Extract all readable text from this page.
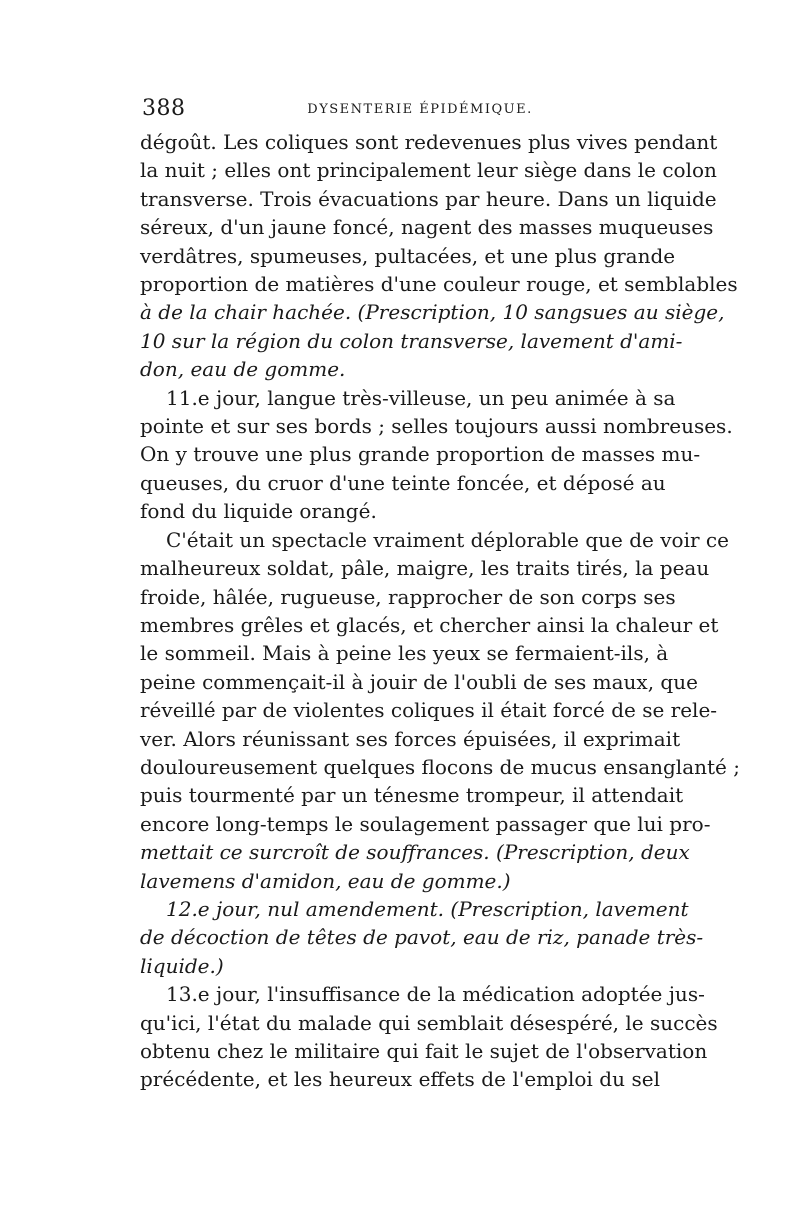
388	DYSENTERIE ÉPIDÉMIQUE.
dégoût. Les coliques sont redevenues plus vives pendant
la nuit ; elles ont principalement leur siège dans le colon
transverse. Trois évacuations par heure. Dans un liquide
séreux, d'un jaune foncé, nagent des masses muqueuses
verdâtres, spumeuses, pultacées, et une plus grande
proportion de matières d'une couleur rouge, et semblables
à de la chair hachée. (Prescription, 10 sangsues au siège,
10 sur la région du colon transverse, lavement d'ami-
don, eau de gomme.
11.e jour, langue très-villeuse, un peu animée à sa
pointe et sur ses bords ; selles toujours aussi nombreuses.
On y trouve une plus grande proportion de masses mu-
queuses, du cruor d'une teinte foncée, et déposé au
fond du liquide orangé.
C'était un spectacle vraiment déplorable que de voir ce
malheureux soldat, pâle, maigre, les traits tirés, la peau
froide, hâlée, rugueuse, rapprocher de son corps ses
membres grêles et glacés, et chercher ainsi la chaleur et
le sommeil. Mais à peine les yeux se fermaient-ils, à
peine commençait-il à jouir de l'oubli de ses maux, que
réveillé par de violentes coliques il était forcé de se rele-
ver. Alors réunissant ses forces épuisées, il exprimait
douloureusement quelques flocons de mucus ensanglanté ;
puis tourmenté par un ténesme trompeur, il attendait
encore long-temps le soulagement passager que lui pro-
mettait ce surcroît de souffrances. (Prescription, deux
lavemens d'amidon, eau de gomme.)
12.e jour, nul amendement. (Prescription, lavement
de décoction de têtes de pavot, eau de riz, panade très-
liquide.)
13.e jour, l'insuffisance de la médication adoptée jus-
qu'ici, l'état du malade qui semblait désespéré, le succès
obtenu chez le militaire qui fait le sujet de l'observation
précédente, et les heureux effets de l'emploi du sel
